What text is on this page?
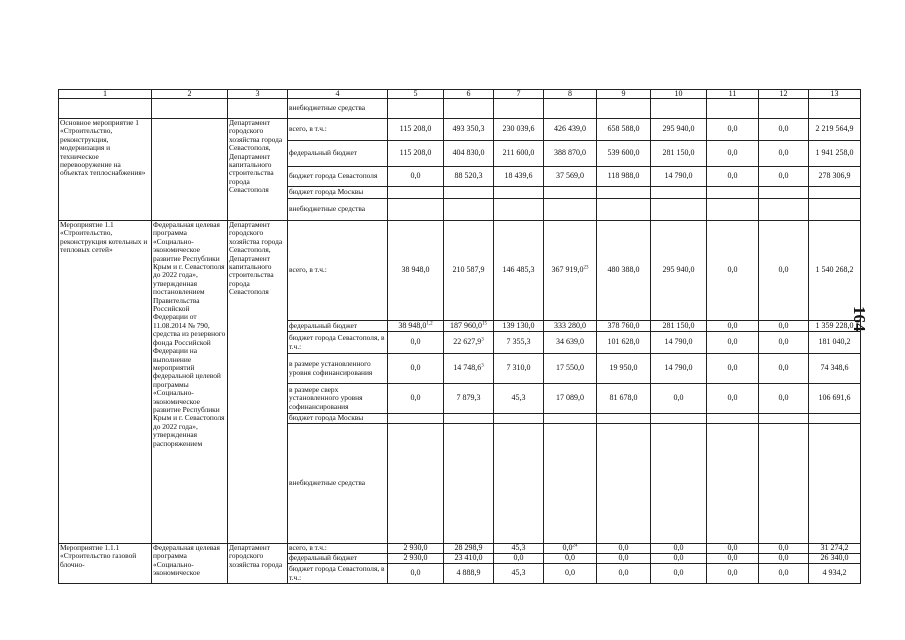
164
1	2	3	4	5	6	7	8	9	10	11	12	13
			внебюджетные средства									
Основное мероприятие 1 «Строительство, реконструкция, модернизация и техническое перевооружение на объектах теплоснабжения»		Департамент городского хозяйства города Севастополя, Департамент капитального строительства города Севастополя	всего, в т.ч.:	115 208,0	493 350,3	230 039,6	426 439,0	658 588,0	295 940,0	0,0	0,0	2 219 564,9
			федеральный бюджет	115 208,0	404 830,0	211 600,0	388 870,0	539 600,0	281 150,0	0,0	0,0	1 941 258,0
			бюджет города Севастополя	0,0	88 520,3	18 439,6	37 569,0	118 988,0	14 790,0	0,0	0,0	278 306,9
			бюджет города Москвы									
			внебюджетные средства									
Мероприятие 1.1 «Строительство, реконструкция котельных и тепловых сетей»	Федеральная целевая программа «Социально-экономическое развитие Республики Крым и г. Севастополя до 2022 года», утвержденная постановлением Правительства Российской Федерации от 11.08.2014 № 790, средства из резервного фонда Российской Федерации на выполнение мероприятий федеральной целевой программы «Социально-экономическое развитие Республики Крым и г. Севастополя до 2022 года», утвержденная распоряжением	Департамент городского хозяйства города Севастополя, Департамент капитального строительства города Севастополя	всего, в т.ч.:	38 948,0	210 587,9	146 485,3	367 919,0$^{23}$	480 388,0	295 940,0	0,0	0,0	1 540 268,2
			федеральный бюджет	38 948,0$^{1,2}$	187 960,0$^{15}$	139 130,0	333 280,0	378 760,0	281 150,0	0,0	0,0	1 359 228,0
			бюджет города Севастополя, в т.ч.:	0,0	22 627,9$^3$	7 355,3	34 639,0	101 628,0	14 790,0	0,0	0,0	181 040,2
			в размере установленного уровня софинансирования	0,0	14 748,6$^3$	7 310,0	17 550,0	19 950,0	14 790,0	0,0	0,0	74 348,6
			в размере сверх установленного уровня софинансирования	0,0	7 879,3	45,3	17 089,0	81 678,0	0,0	0,0	0,0	106 691,6
			бюджет города Москвы									
			внебюджетные средства									
Мероприятие 1.1.1 «Строительство газовой блочно-	Федеральная целевая программа «Социально-экономическое	Департамент городского хозяйства города	всего, в т.ч.:	2 930,0	28 298,9	45,3	$0,0^{24}$	0,0	0,0	0,0	0,0	31 274,2
			федеральный бюджет	2 930,0	23 410,0	0,0	0,0	0,0	0,0	0,0	0,0	26 340,0
			бюджет города Севастополя, в т.ч.:	0,0	4 888,9	45,3	0,0	0,0	0,0	0,0	0,0	4 934,2
